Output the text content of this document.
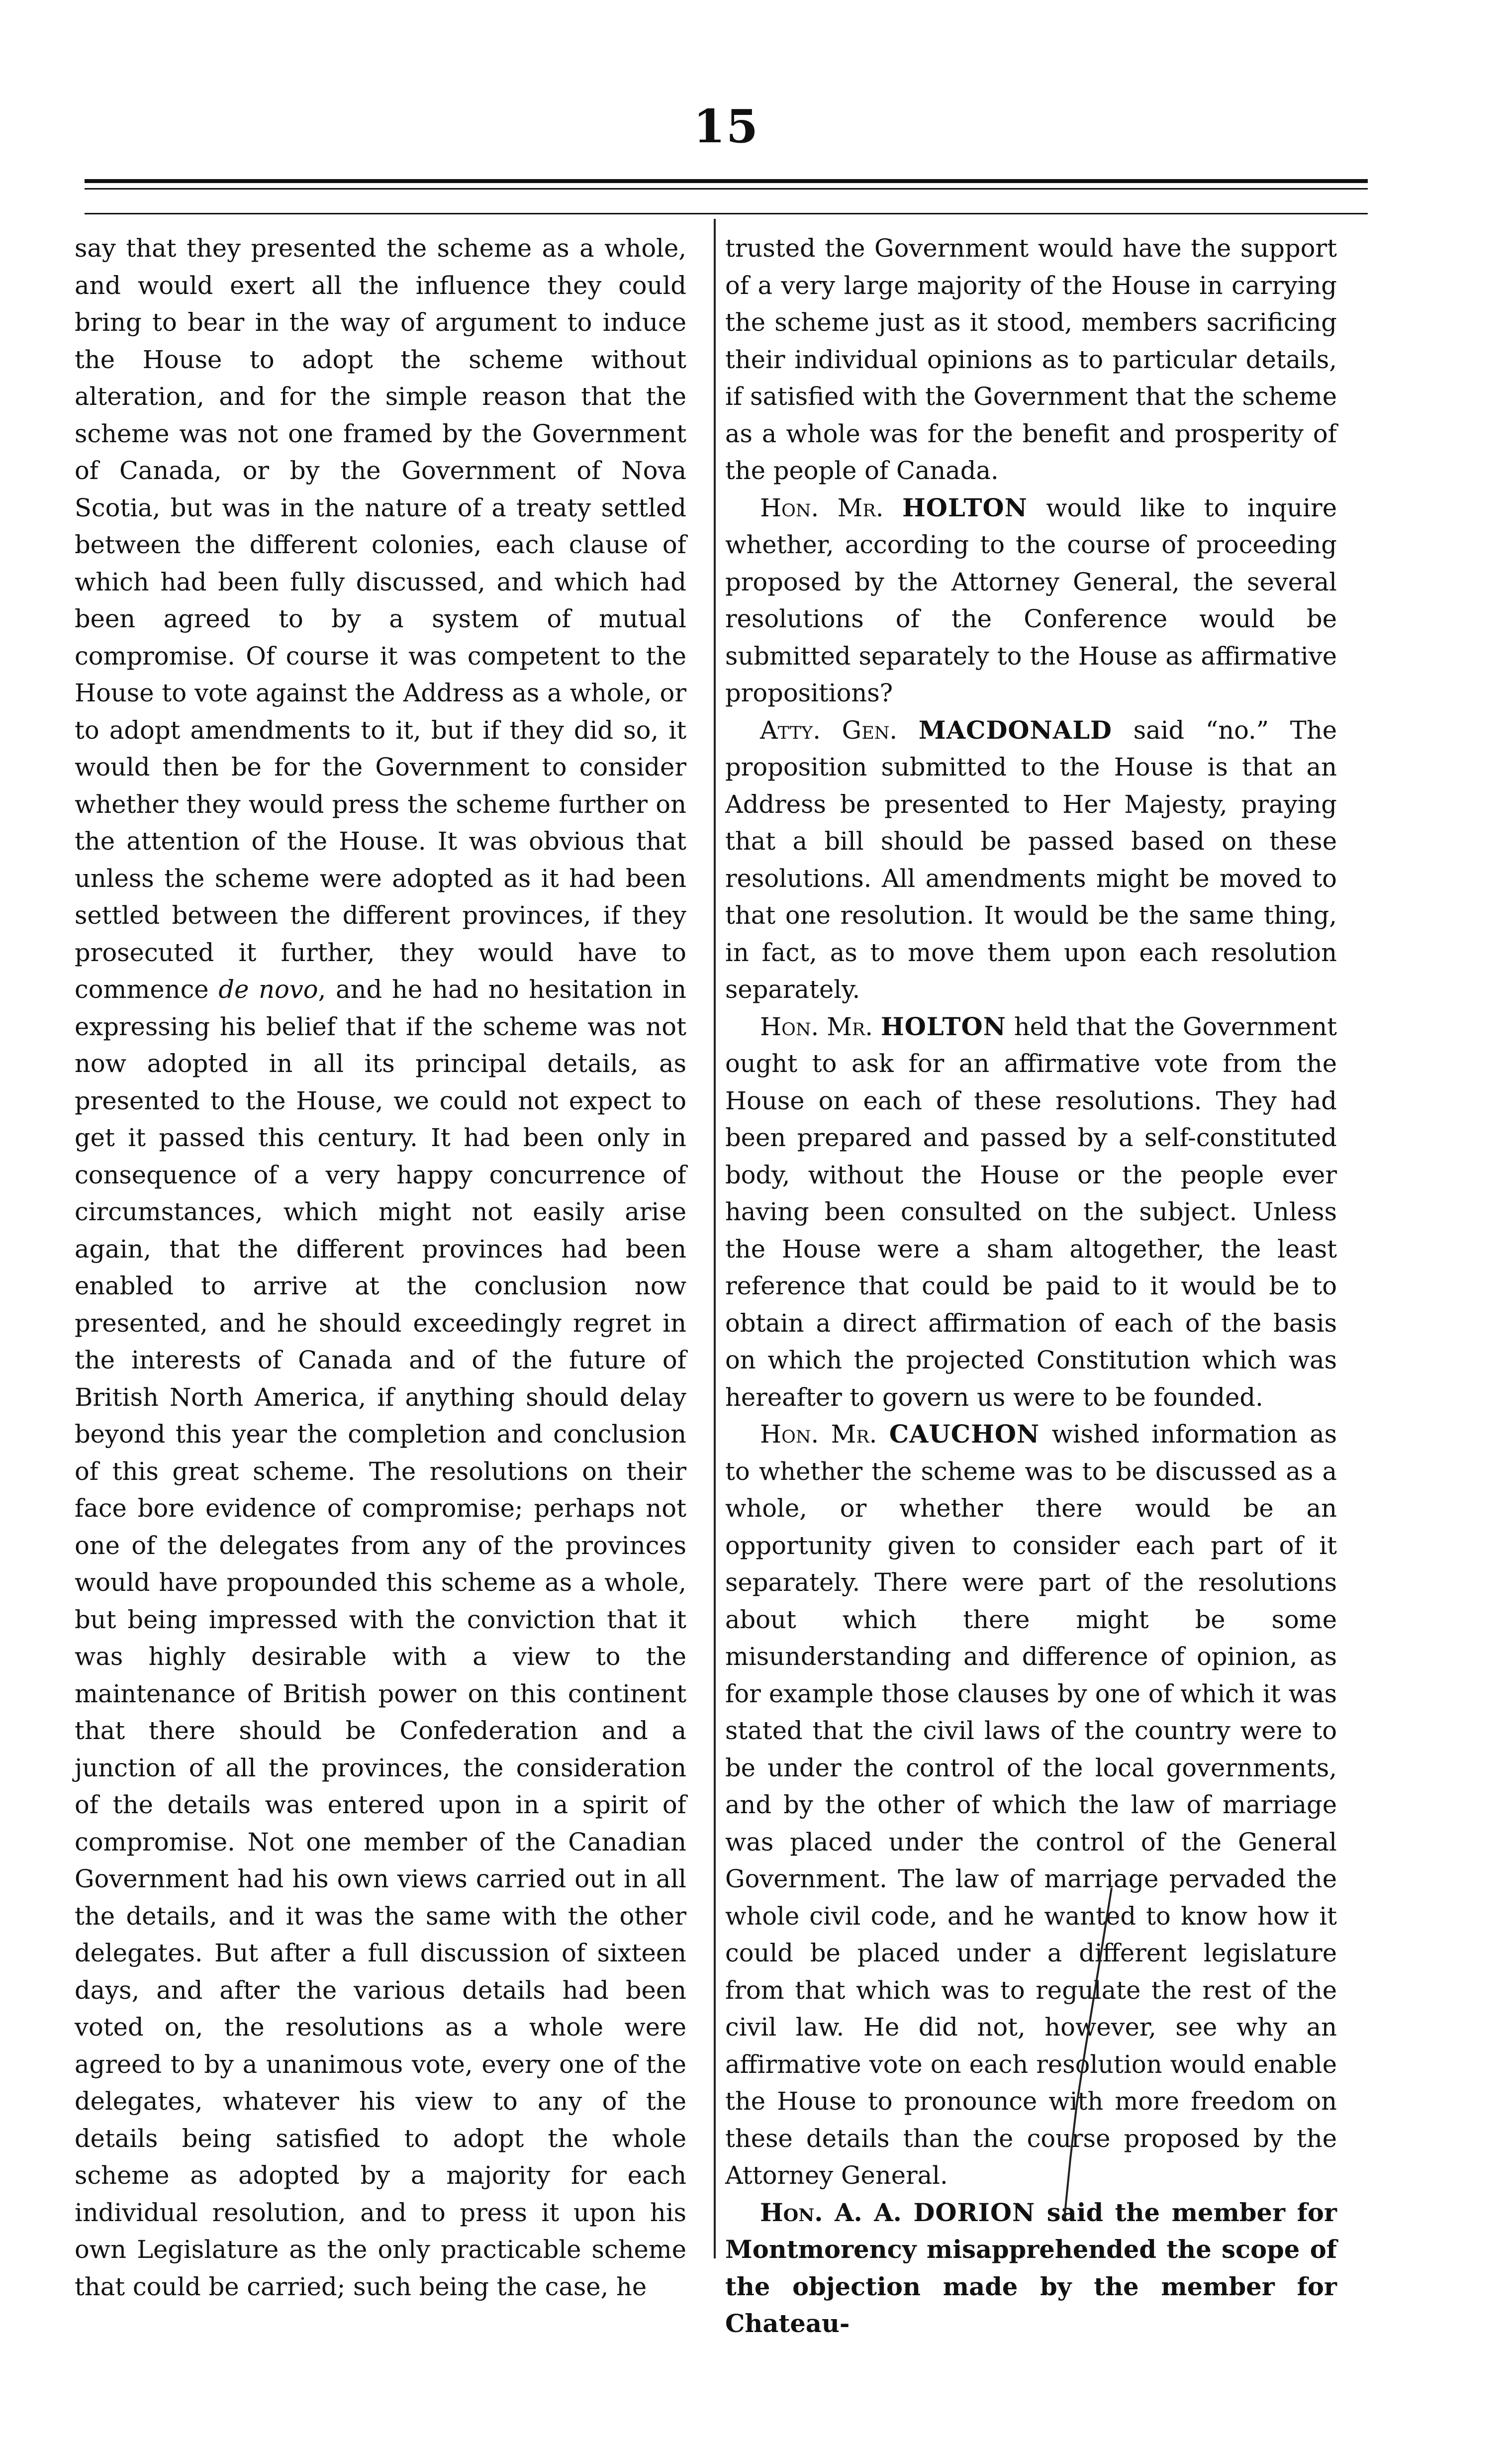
15

say that they presented the scheme as a whole, and would exert all the influence they could bring to bear in the way of argument to induce the House to adopt the scheme without alteration, and for the simple reason that the scheme was not one framed by the Government of Canada, or by the Government of Nova Scotia, but was in the nature of a treaty settled between the different colonies, each clause of which had been fully discussed, and which had been agreed to by a system of mutual compromise. Of course it was competent to the House to vote against the Address as a whole, or to adopt amendments to it, but if they did so, it would then be for the Government to consider whether they would press the scheme further on the attention of the House. It was obvious that unless the scheme were adopted as it had been settled between the different provinces, if they prosecuted it further, they would have to commence de novo, and he had no hesitation in expressing his belief that if the scheme was not now adopted in all its principal details, as presented to the House, we could not expect to get it passed this century. It had been only in consequence of a very happy concurrence of circumstances, which might not easily arise again, that the different provinces had been enabled to arrive at the conclusion now presented, and he should exceedingly regret in the interests of Canada and of the future of British North America, if anything should delay beyond this year the completion and conclusion of this great scheme. The resolutions on their face bore evidence of compromise; perhaps not one of the delegates from any of the provinces would have propounded this scheme as a whole, but being impressed with the conviction that it was highly desirable with a view to the maintenance of British power on this continent that there should be Confederation and a junction of all the provinces, the consideration of the details was entered upon in a spirit of compromise. Not one member of the Canadian Government had his own views carried out in all the details, and it was the same with the other delegates. But after a full discussion of sixteen days, and after the various details had been voted on, the resolutions as a whole were agreed to by a unanimous vote, every one of the delegates, whatever his view to any of the details being satisfied to adopt the whole scheme as adopted by a majority for each individual resolution, and to press it upon his own Legislature as the only practicable scheme that could be carried; such being the case, he

trusted the Government would have the support of a very large majority of the House in carrying the scheme just as it stood, members sacrificing their individual opinions as to particular details, if satisfied with the Government that the scheme as a whole was for the benefit and prosperity of the people of Canada.

Hon. Mr. HOLTON would like to inquire whether, according to the course of proceeding proposed by the Attorney General, the several resolutions of the Conference would be submitted separately to the House as affirmative propositions?

Atty. Gen. MACDONALD said “no.” The proposition submitted to the House is that an Address be presented to Her Majesty, praying that a bill should be passed based on these resolutions. All amendments might be moved to that one resolution. It would be the same thing, in fact, as to move them upon each resolution separately.

Hon. Mr. HOLTON held that the Government ought to ask for an affirmative vote from the House on each of these resolutions. They had been prepared and passed by a self-constituted body, without the House or the people ever having been consulted on the subject. Unless the House were a sham altogether, the least reference that could be paid to it would be to obtain a direct affirmation of each of the basis on which the projected Constitution which was hereafter to govern us were to be founded.

Hon. Mr. CAUCHON wished information as to whether the scheme was to be discussed as a whole, or whether there would be an opportunity given to consider each part of it separately. There were part of the resolutions about which there might be some misunderstanding and difference of opinion, as for example those clauses by one of which it was stated that the civil laws of the country were to be under the control of the local governments, and by the other of which the law of marriage was placed under the control of the General Government. The law of marriage pervaded the whole civil code, and he wanted to know how it could be placed under a different legislature from that which was to regulate the rest of the civil law. He did not, however, see why an affirmative vote on each resolution would enable the House to pronounce with more freedom on these details than the course proposed by the Attorney General.

Hon. A. A. DORION said the member for Montmorency misapprehended the scope of the objection made by the member for Chateau-
